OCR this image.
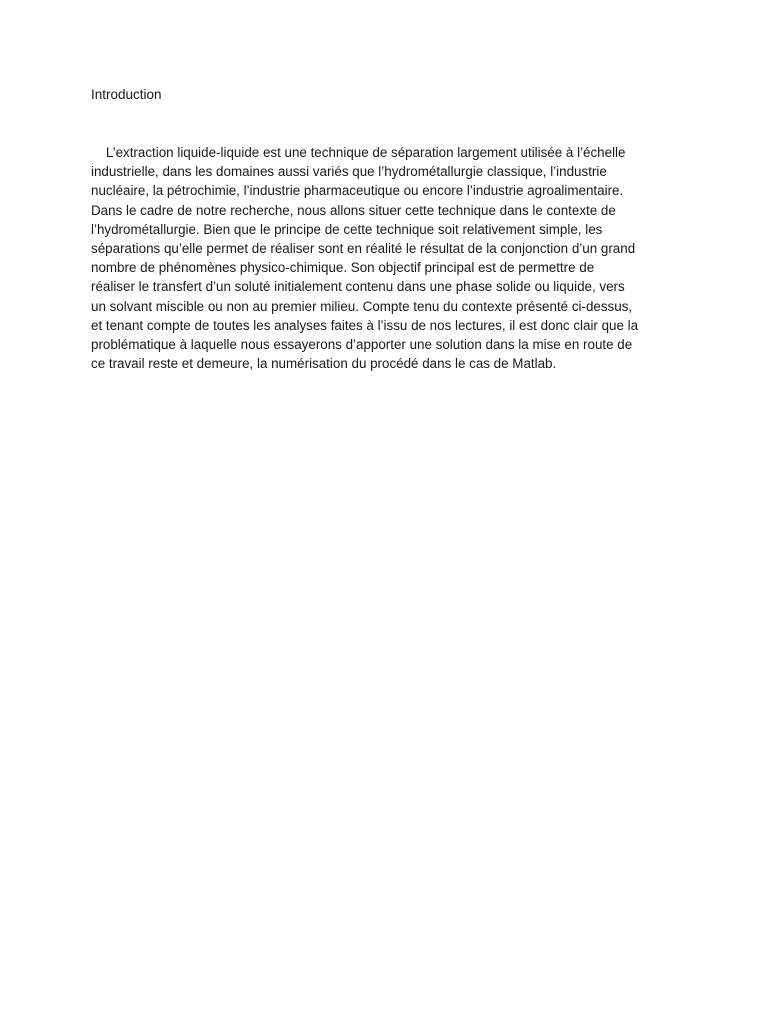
Introduction
L’extraction liquide-liquide est une technique de séparation largement utilisée à l’échelle
industrielle, dans les domaines aussi variés que l’hydrométallurgie classique, l’industrie
nucléaire, la pétrochimie, l’industrie pharmaceutique ou encore l’industrie agroalimentaire.
Dans le cadre de notre recherche, nous allons situer cette technique dans le contexte de
l’hydrométallurgie. Bien que le principe de cette technique soit relativement simple, les
séparations qu’elle permet de réaliser sont en réalité le résultat de la conjonction d’un grand
nombre de phénomènes physico-chimique. Son objectif principal est de permettre de
réaliser le transfert d’un soluté initialement contenu dans une phase solide ou liquide, vers
un solvant miscible ou non au premier milieu. Compte tenu du contexte présenté ci-dessus,
et tenant compte de toutes les analyses faites à l’issu de nos lectures, il est donc clair que la
problématique à laquelle nous essayerons d’apporter une solution dans la mise en route de
ce travail reste et demeure, la numérisation du procédé dans le cas de Matlab.
